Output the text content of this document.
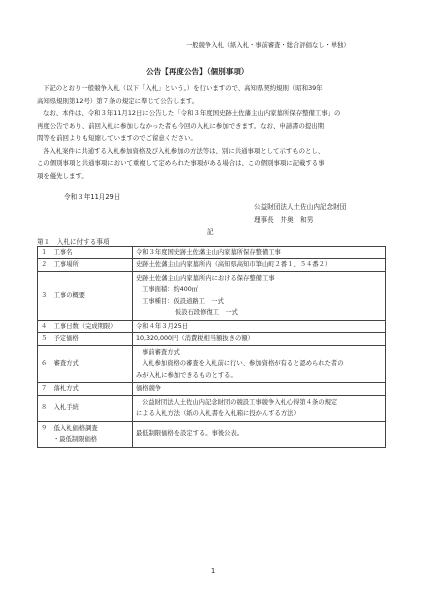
一般競争入札（紙入札・事前審査・総合評価なし・単独）
公告【再度公告】（個別事項）
下記のとおり一般競争入札（以下「入札」という。）を行いますので、高知県契約規則（昭和39年
高知県規則第12号）第７条の規定に準じて公告します。
なお、本件は、令和３年11月12日に公告した「令和３年度国史跡土佐藩主山内家墓所保存整備工事」の
再度公告であり、前回入札に参加しなかった者も今回の入札に参加できます。なお、申請書の提出期
間等を前回よりも短縮していますのでご留意ください。
各入札案件に共通する入札参加資格及び入札参加の方法等は、別に共通事項として示すものとし、
この個別事項と共通事項において重複して定められた事項がある場合は、この個別事項に記載する事
項を優先します。
令和３年11月29日
公益財団法人土佐山内記念財団
理事長　井奥　和男
記
第１　入札に付する事項
１　工事名	令和３年度国史跡土佐藩主山内家墓所保存整備工事
２　工事場所	史跡土佐藩主山内家墓所内（高知県高知市筆山町２番１、５４番２）
３　工事の概要	史跡土佐藩主山内家墓所内における保存整備工事
工事面積：約400㎡
工事種目：仮設道路工　一式
仮設石段修復工　一式

４　工事日数（完成期限）	令和４年３月25日
５　予定価格	10,320,000円（消費税相当額抜きの額）
６　審査方式	事前審査方式
入札参加資格の審査を入札前に行い、参加資格が有ると認められた者の
みが入札に参加できるものとする。

７　落札方式	価格競争
８　入札手続	公益財団法人土佐山内記念財団の競設工事競争入札心得第４条の規定
による入札方法（紙の入札書を入札箱に投かんする方法）

９　低入札価格調査
・最低制限価格	最低制限価格を設定する。事後公表。
1
